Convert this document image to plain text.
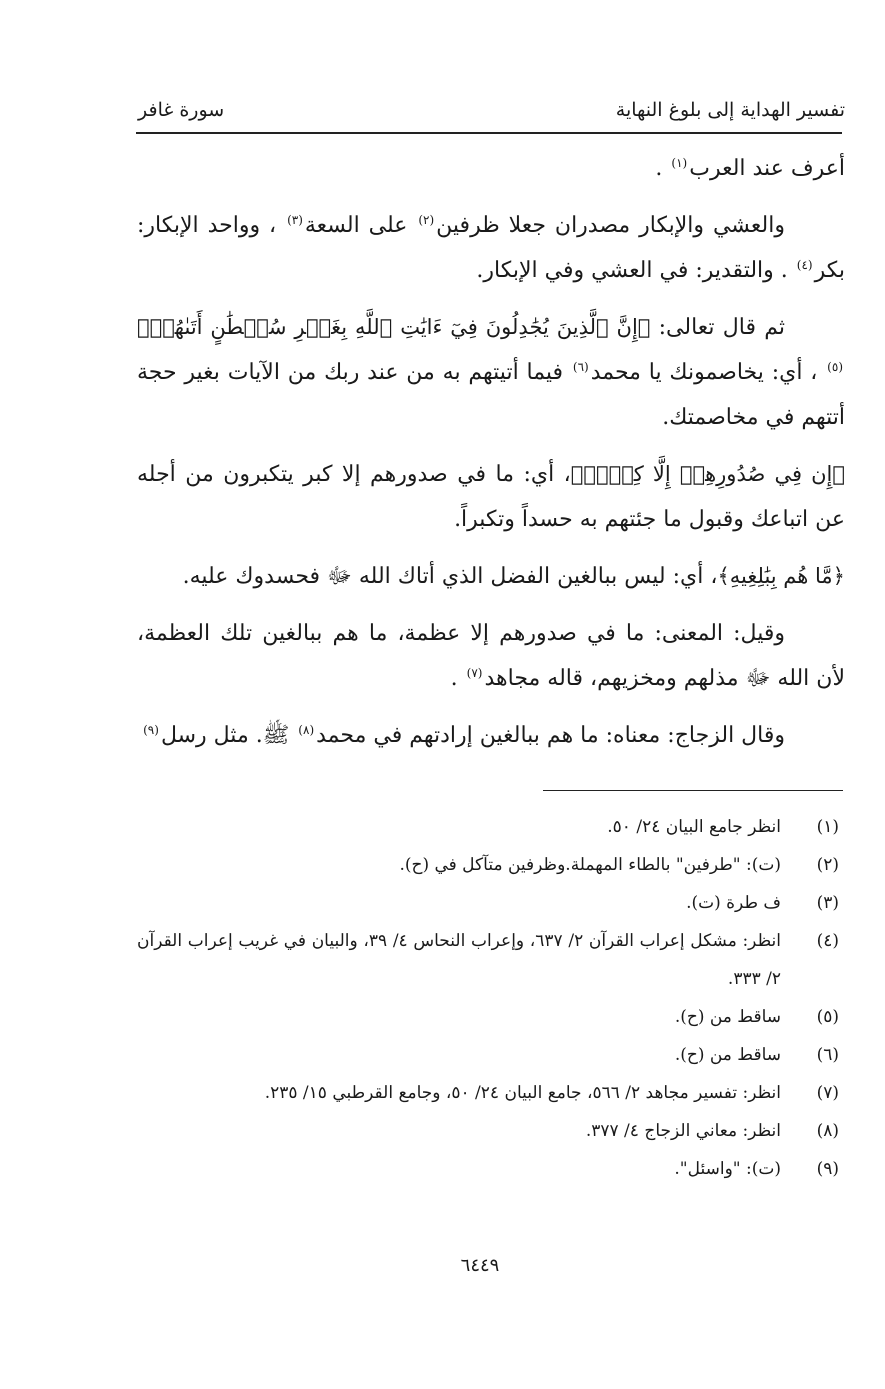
تفسير الهداية إلى بلوغ النهاية
سورة غافر

أعرف عند العرب$^{(١)}$ .

والعشي والإبكار مصدران جعلا ظرفين$^{(٢)}$ على السعة$^{(٣)}$ ، وواحد الإبكار: بكر$^{(٤)}$ . والتقدير: في العشي وفي الإبكار.

ثم قال تعالى: ﴿إِنَّ ٱلَّذِينَ يُجَٰدِلُونَ فِيٓ ءَايَٰتِ ٱللَّهِ بِغَيۡرِ سُلۡطَٰنٍ أَتَىٰهُمۡ﴾$^{(٥)}$ ، أي: يخاصمونك يا محمد$^{(٦)}$ فيما أتيتهم به من عند ربك من الآيات بغير حجة أتتهم في مخاصمتك.

﴿إِن فِي صُدُورِهِمۡ إِلَّا كِبۡرٞ﴾، أي: ما في صدورهم إلا كبر يتكبرون من أجله عن اتباعك وقبول ما جئتهم به حسداً وتكبراً.

﴿مَّا هُم بِبَٰلِغِيهِ﴾، أي: ليس ببالغين الفضل الذي أتاك الله ﷻ فحسدوك عليه.

وقيل: المعنى: ما في صدورهم إلا عظمة، ما هم ببالغين تلك العظمة، لأن الله ﷻ مذلهم ومخزيهم، قاله مجاهد$^{(٧)}$ .

وقال الزجاج: معناه: ما هم ببالغين إرادتهم في محمد$^{(٨)}$ ﷺ. مثل رسل$^{(٩)}$

(١)
انظر جامع البيان ٢٤/ ٥٠.
(٢)
(ت): "طرفين" بالطاء المهملة.وظرفين متآكل في (ح).
(٣)
ف طرة (ت).
(٤)
انظر: مشكل إعراب القرآن ٢/ ٦٣٧، وإعراب النحاس ٤/ ٣٩، والبيان في غريب إعراب القرآن ٢/ ٣٣٣.
(٥)
ساقط من (ح).
(٦)
ساقط من (ح).
(٧)
انظر: تفسير مجاهد ٢/ ٥٦٦، جامع البيان ٢٤/ ٥٠، وجامع القرطبي ١٥/ ٢٣٥.
(٨)
انظر: معاني الزجاج ٤/ ٣٧٧.
(٩)
(ت): "واسئل".
٦٤٤٩
